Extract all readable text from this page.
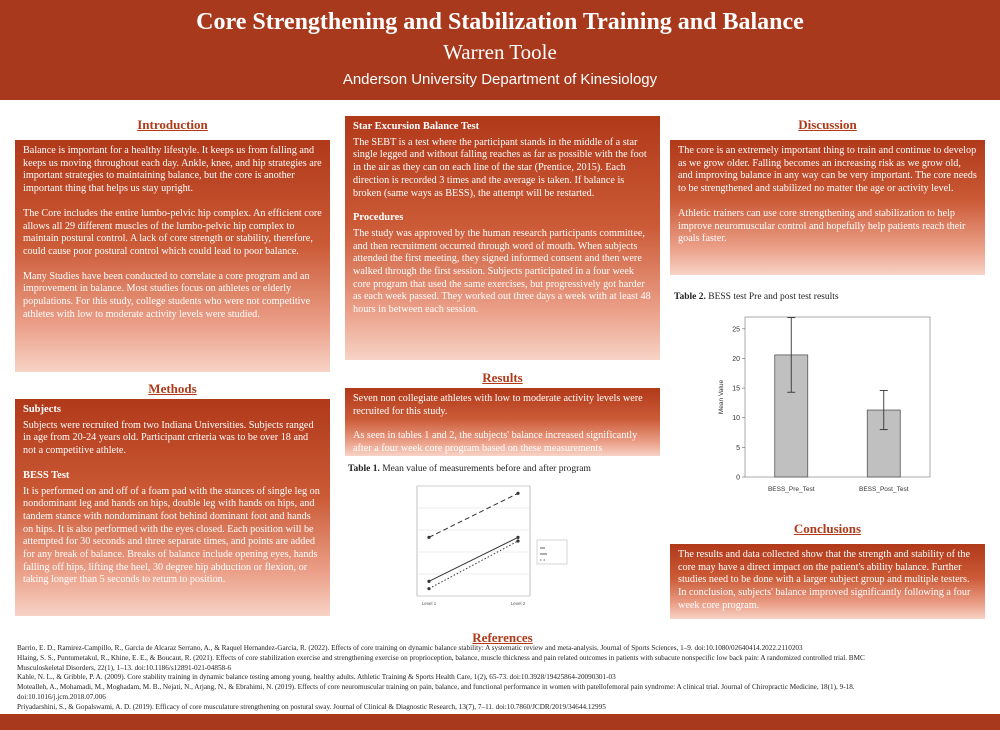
Core Strengthening and Stabilization Training and Balance
Warren Toole
Anderson University Department of Kinesiology
Introduction

Balance is important for a healthy lifestyle. It keeps us from falling and keeps us moving throughout each day. Ankle, knee, and hip strategies are important strategies to maintaining balance, but the core is another important thing that helps us stay upright.

The Core includes the entire lumbo-pelvic hip complex. An efficient core allows all 29 different muscles of the lumbo-pelvic hip complex to maintain postural control. A lack of core strength or stability, therefore, could cause poor postural control which could lead to poor balance.

Many Studies have been conducted to correlate a core program and an improvement in balance. Most studies focus on athletes or elderly populations. For this study, college students who were not competitive athletes with low to moderate activity levels were studied.

Methods
Subjects

Subjects were recruited from two Indiana Universities. Subjects ranged in age from 20-24 years old. Participant criteria was to be over 18 and not a competitive athlete.

BESS Test

It is performed on and off of a foam pad with the stances of single leg on nondominant leg and hands on hips, double leg with hands on hips, and tandem stance with nondominant foot behind dominant foot and hands on hips. It is also performed with the eyes closed. Each position will be attempted for 30 seconds and three separate times, and points are added for any break of balance. Breaks of balance include opening eyes, hands falling off hips, lifting the heel, 30 degree hip abduction or flexion, or taking longer than 5 seconds to return to position.

Star Excursion Balance Test

The SEBT is a test where the participant stands in the middle of a star single legged and without falling reaches as far as possible with the foot in the air as they can on each line of the star (Prentice, 2015). Each direction is recorded 3 times and the average is taken. If balance is broken (same ways as BESS), the attempt will be restarted.

Procedures

The study was approved by the human research participants committee, and then recruitment occurred through word of mouth. When subjects attended the first meeting, they signed informed consent and then were walked through the first session. Subjects participated in a four week core program that used the same exercises, but progressively got harder as each week passed. They worked out three days a week with at least 48 hours in between each session.

Results

Seven non collegiate athletes with low to moderate activity levels were recruited for this study.

As seen in tables 1 and 2, the subjects' balance increased significantly after a four week core program based on these measurements

Table 1. Mean value of measurements before and after program
Level 1	Level 2
Discussion

The core is an extremely important thing to train and continue to develop as we grow older. Falling becomes an increasing risk as we grow old, and improving balance in any way can be very important. The core needs to be strengthened and stabilized no matter the age or activity level.

Athletic trainers can use core strengthening and stabilization to help improve neuromuscular control and hopefully help patients reach their goals faster.

Table 2. BESS test Pre and post test results
0
5
10
15
20
25
Mean Value
BESS_Pre_Test	BESS_Post_Test
Conclusions

The results and data collected show that the strength and stability of the core may have a direct impact on the patient's ability balance. Further studies need to be done with a larger subject group and multiple testers. In conclusion, subjects' balance improved significantly following a four week core program.

References
Barrio, E. D., Ramirez-Campillo, R., Garcia de Alcaraz Serrano, A., & Raquel Hernandez-García, R. (2022). Effects of core training on dynamic balance stability: A systematic review and meta-analysis. Journal of Sports Sciences, 1–9. doi:10.1080/02640414.2022.2110203
Hlaing, S. S., Puntumetakul, R., Khine, E. E., & Boucaut, R. (2021). Effects of core stabilization exercise and strengthening exercise on proprioception, balance, muscle thickness and pain related outcomes in patients with subacute nonspecific low back pain: A randomized controlled trial. BMC
Musculoskeletal Disorders, 22(1), 1–13. doi:10.1186/s12891-021-04858-6
Kahle, N. L., & Gribble, P. A. (2009). Core stability training in dynamic balance testing among young, healthy adults. Athletic Training & Sports Health Care, 1(2), 65-73. doi:10.3928/19425864-20090301-03
Motealleh, A., Mohamadi, M., Moghadam, M. B., Nejati, N., Arjang, N., & Ebrahimi, N. (2019). Effects of core neuromuscular training on pain, balance, and functional performance in women with patellofemoral pain syndrome: A clinical trial. Journal of Chiropractic Medicine, 18(1), 9-18.
doi:10.1016/j.jcm.2018.07.006
Priyadarshini, S., & Gopalswami, A. D. (2019). Efficacy of core musculature strengthening on postural sway. Journal of Clinical & Diagnostic Research, 13(7), 7–11. doi:10.7860/JCDR/2019/34644.12995
